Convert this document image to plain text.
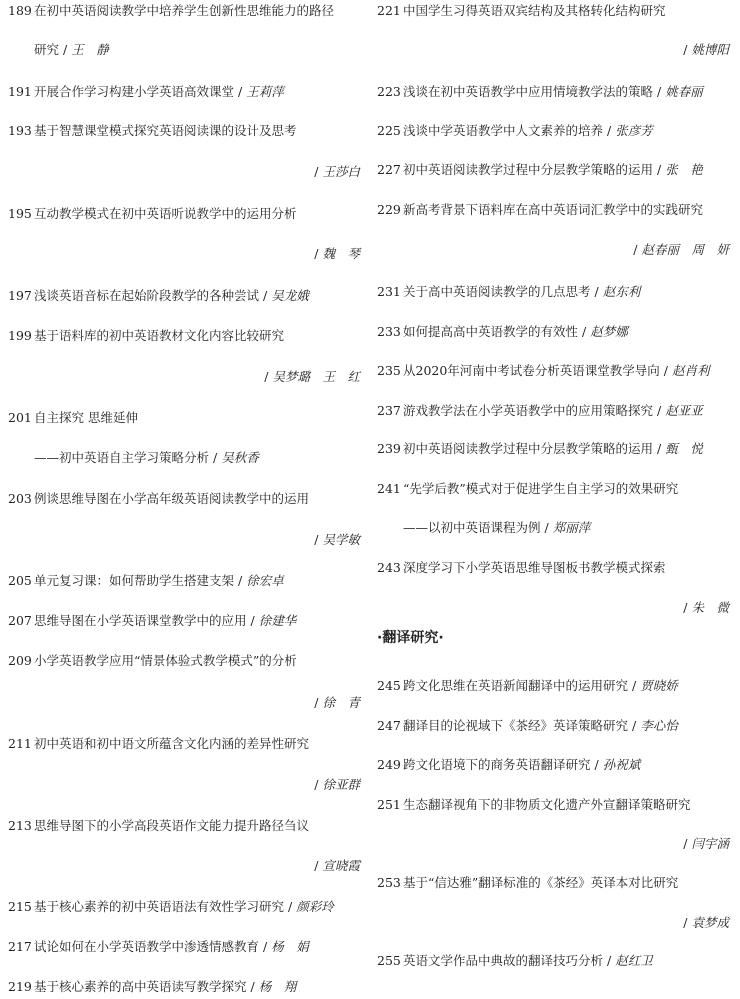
189 在初中英语阅读教学中培养学生创新性思维能力的路径
研究 / 王　静
191 开展合作学习构建小学英语高效课堂 / 王莉萍
193 基于智慧课堂模式探究英语阅读课的设计及思考
/ 王莎白
195 互动教学模式在初中英语听说教学中的运用分析
/ 魏　琴
197 浅谈英语音标在起始阶段教学的各种尝试 / 吴龙娥
199 基于语料库的初中英语教材文化内容比较研究
/ 吴梦璐　王　红
201 自主探究 思维延伸
——初中英语自主学习策略分析 / 吴秋香
203 例谈思维导图在小学高年级英语阅读教学中的运用
/ 吴学敏
205 单元复习课：如何帮助学生搭建支架 / 徐宏卓
207 思维导图在小学英语课堂教学中的应用 / 徐建华
209 小学英语教学应用“情景体验式教学模式”的分析
/ 徐　青
211 初中英语和初中语文所蕴含文化内涵的差异性研究
/ 徐亚群
213 思维导图下的小学高段英语作文能力提升路径刍议
/ 宣晓霞
215 基于核心素养的初中英语语法有效性学习研究 / 颜彩玲
217 试论如何在小学英语教学中渗透情感教育 / 杨　娟
219 基于核心素养的高中英语读写教学探究 / 杨　翔
221 中国学生习得英语双宾结构及其格转化结构研究
/ 姚博阳
223 浅谈在初中英语教学中应用情境教学法的策略 / 姚春丽
225 浅谈中学英语教学中人文素养的培养 / 张彦芳
227 初中英语阅读教学过程中分层教学策略的运用 / 张　艳
229 新高考背景下语料库在高中英语词汇教学中的实践研究
/ 赵春丽　周　妍
231 关于高中英语阅读教学的几点思考 / 赵东利
233 如何提高高中英语教学的有效性 / 赵梦娜
235 从2020年河南中考试卷分析英语课堂教学导向 / 赵肖利
237 游戏教学法在小学英语教学中的应用策略探究 / 赵亚亚
239 初中英语阅读教学过程中分层教学策略的运用 / 甄　悦
241 “先学后教”模式对于促进学生自主学习的效果研究
——以初中英语课程为例 / 郑丽萍
243 深度学习下小学英语思维导图板书教学模式探索
/ 朱　微
·翻译研究·
245 跨文化思维在英语新闻翻译中的运用研究 / 贾晓娇
247 翻译目的论视域下《茶经》英译策略研究 / 李心怡
249 跨文化语境下的商务英语翻译研究 / 孙祝斌
251 生态翻译视角下的非物质文化遗产外宣翻译策略研究
/ 闫宇涵
253 基于“信达雅”翻译标准的《茶经》英译本对比研究
/ 袁梦成
255 英语文学作品中典故的翻译技巧分析 / 赵红卫
